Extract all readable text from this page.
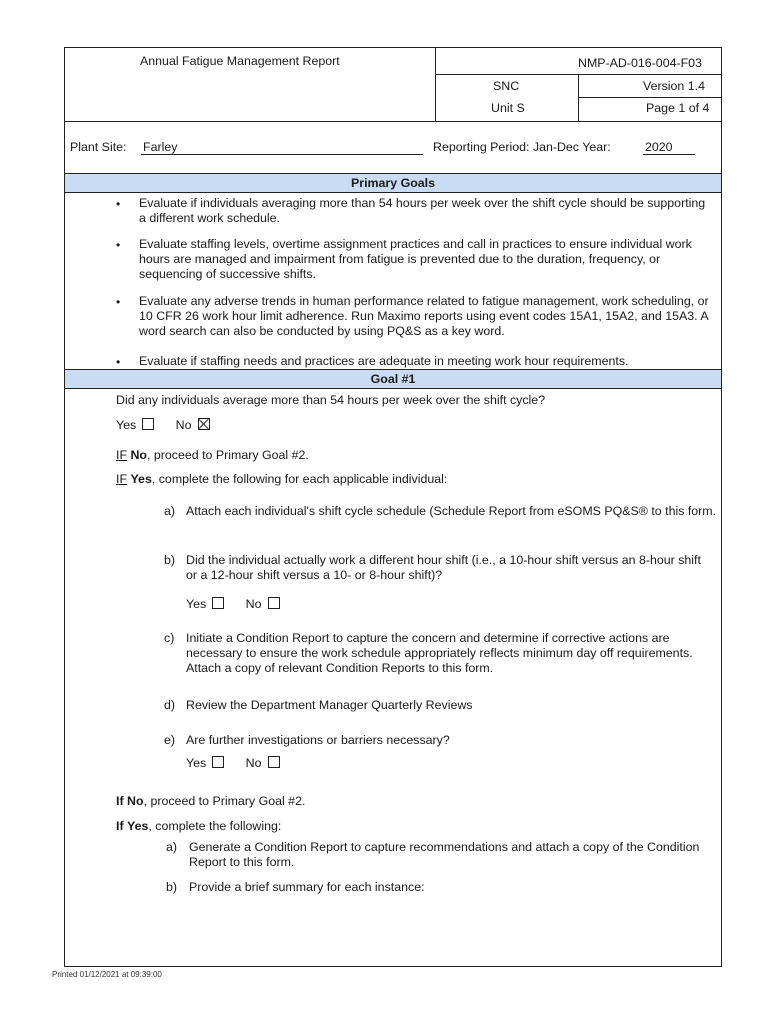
Annual Fatigue Management Report	NMP-AD-016-004-F03
SNC	Version 1.4
Unit S	Page 1 of 4
Plant Site: Farley	Reporting Period: Jan-Dec Year:	2020
Primary Goals
• Evaluate if individuals averaging more than 54 hours per week over the shift cycle should be supporting a different work schedule.
• Evaluate staffing levels, overtime assignment practices and call in practices to ensure individual work hours are managed and impairment from fatigue is prevented due to the duration, frequency, or sequencing of successive shifts.
• Evaluate any adverse trends in human performance related to fatigue management, work scheduling, or 10 CFR 26 work hour limit adherence. Run Maximo reports using event codes 15A1, 15A2, and 15A3. A word search can also be conducted by using PQ&S as a key word.
• Evaluate if staffing needs and practices are adequate in meeting work hour requirements.
Goal #1
Did any individuals average more than 54 hours per week over the shift cycle?
Yes	No
IF No, proceed to Primary Goal #2.
IF Yes, complete the following for each applicable individual:
a) Attach each individual's shift cycle schedule (Schedule Report from eSOMS PQ&S® to this form.
b) Did the individual actually work a different hour shift (i.e., a 10-hour shift versus an 8-hour shift or a 12-hour shift versus a 10- or 8-hour shift)?
Yes	No
c) Initiate a Condition Report to capture the concern and determine if corrective actions are necessary to ensure the work schedule appropriately reflects minimum day off requirements. Attach a copy of relevant Condition Reports to this form.
d) Review the Department Manager Quarterly Reviews
e) Are further investigations or barriers necessary?
Yes	No
If No, proceed to Primary Goal #2.
If Yes, complete the following:
a) Generate a Condition Report to capture recommendations and attach a copy of the Condition Report to this form.
b) Provide a brief summary for each instance:
Printed 01/12/2021 at 09:39:00
